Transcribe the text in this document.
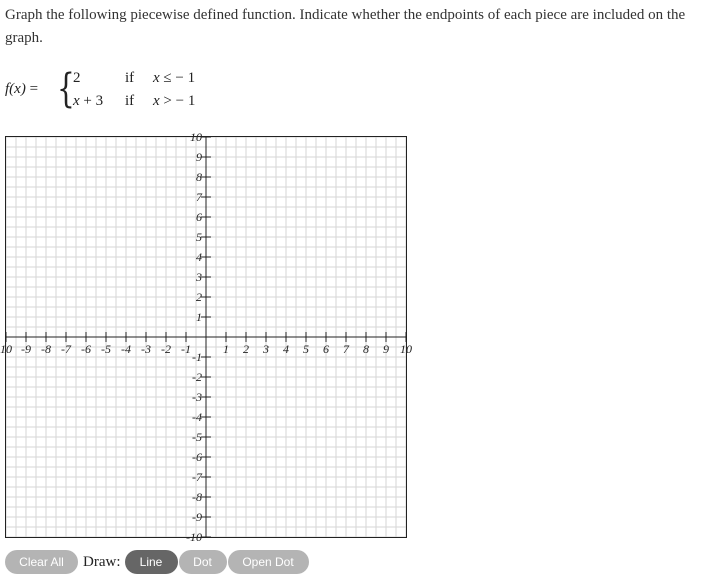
Graph the following piecewise defined function. Indicate whether the endpoints of each piece are included on the graph.
f(x) = {
2	if x ≤ − 1
x + 3 if x > − 1
10 -9 -8 -7 -6 -5 -4 -3 -2 -1	1 2 3 4 5 6 7 8 9 10
10
9
8
7
6
5
4
3
2
1
-1
-2
-3
-4
-5
-6
-7
-8
-9
-10
Clear All	Draw:	Line	Dot	Open Dot
